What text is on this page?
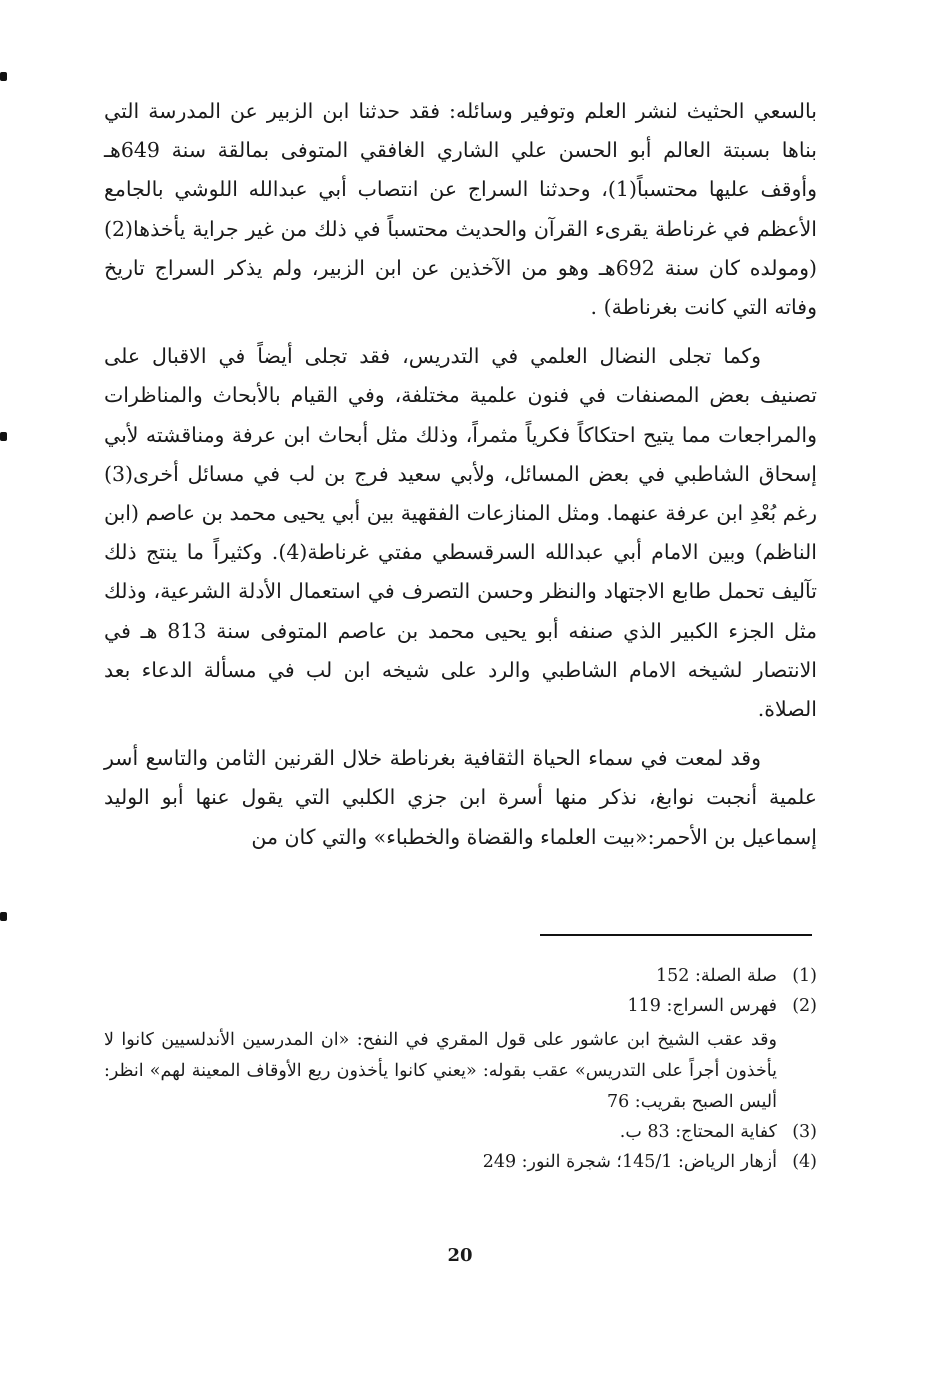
بالسعي الحثيث لنشر العلم وتوفير وسائله: فقد حدثنا ابن الزبير عن المدرسة التي بناها بسبتة العالم أبو الحسن علي الشاري الغافقي المتوفى بمالقة سنة 649هـ وأوقف عليها محتسباً(1)، وحدثنا السراج عن انتصاب أبي عبدالله اللوشي بالجامع الأعظم في غرناطة يقرىء القرآن والحديث محتسباً في ذلك من غير جراية يأخذها(2) (ومولده كان سنة 692هـ وهو من الآخذين عن ابن الزبير، ولم يذكر السراج تاريخ وفاته التي كانت بغرناطة) .

وكما تجلى النضال العلمي في التدريس، فقد تجلى أيضاً في الاقبال على تصنيف بعض المصنفات في فنون علمية مختلفة، وفي القيام بالأبحاث والمناظرات والمراجعات مما يتيح احتكاكاً فكرياً مثمراً، وذلك مثل أبحاث ابن عرفة ومناقشته لأبي إسحاق الشاطبي في بعض المسائل، ولأبي سعيد فرج بن لب في مسائل أخرى(3) رغم بُعْدِ ابن عرفة عنهما. ومثل المنازعات الفقهية بين أبي يحيى محمد بن عاصم (ابن الناظم) وبين الامام أبي عبدالله السرقسطي مفتي غرناطة(4). وكثيراً ما ينتج ذلك تآليف تحمل طابع الاجتهاد والنظر وحسن التصرف في استعمال الأدلة الشرعية، وذلك مثل الجزء الكبير الذي صنفه أبو يحيى محمد بن عاصم المتوفى سنة 813 هـ في الانتصار لشيخه الامام الشاطبي والرد على شيخه ابن لب في مسألة الدعاء بعد الصلاة.

وقد لمعت في سماء الحياة الثقافية بغرناطة خلال القرنين الثامن والتاسع أسر علمية أنجبت نوابغ، نذكر منها أسرة ابن جزي الكلبي التي يقول عنها أبو الوليد إسماعيل بن الأحمر:«بيت العلماء والقضاة والخطباء» والتي كان من

(1)
صلة الصلة: 152
(2)
فهرس السراج: 119

وقد عقب الشيخ ابن عاشور على قول المقري في النفح: «ان المدرسين الأندلسيين كانوا لا يأخذون أجراً على التدريس» عقب بقوله: «يعني كانوا يأخذون ريع الأوقاف المعينة لهم» انظر: أليس الصبح بقريب: 76

(3)
كفاية المحتاج: 83 ب.
(4)
أزهار الرياض: 145/1؛ شجرة النور: 249
20
